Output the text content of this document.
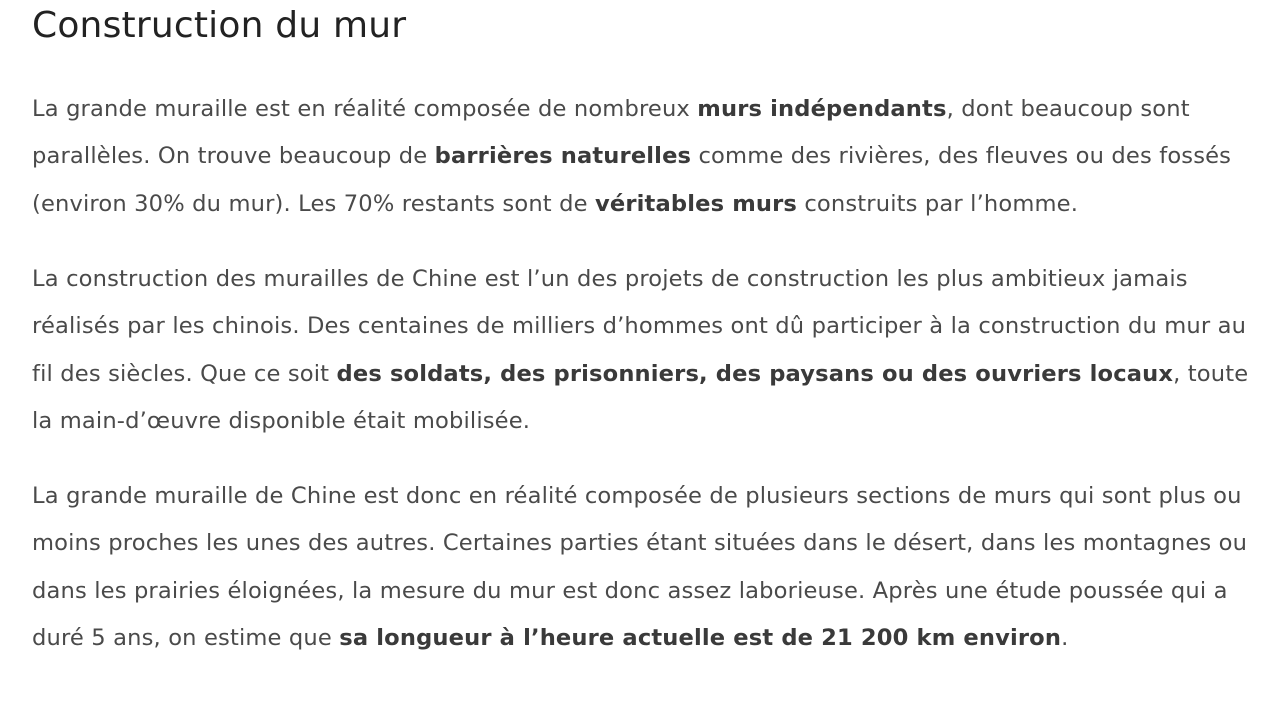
Construction du mur

La grande muraille est en réalité composée de nombreux murs indépendants, dont beaucoup sont parallèles. On trouve beaucoup de barrières naturelles comme des rivières, des fleuves ou des fossés (environ 30% du mur). Les 70% restants sont de véritables murs construits par l’homme.

La construction des murailles de Chine est l’un des projets de construction les plus ambitieux jamais réalisés par les chinois. Des centaines de milliers d’hommes ont dû participer à la construction du mur au fil des siècles. Que ce soit des soldats, des prisonniers, des paysans ou des ouvriers locaux, toute la main-d’œuvre disponible était mobilisée.

La grande muraille de Chine est donc en réalité composée de plusieurs sections de murs qui sont plus ou moins proches les unes des autres. Certaines parties étant situées dans le désert, dans les montagnes ou dans les prairies éloignées, la mesure du mur est donc assez laborieuse. Après une étude poussée qui a duré 5 ans, on estime que sa longueur à l’heure actuelle est de 21 200 km environ.
